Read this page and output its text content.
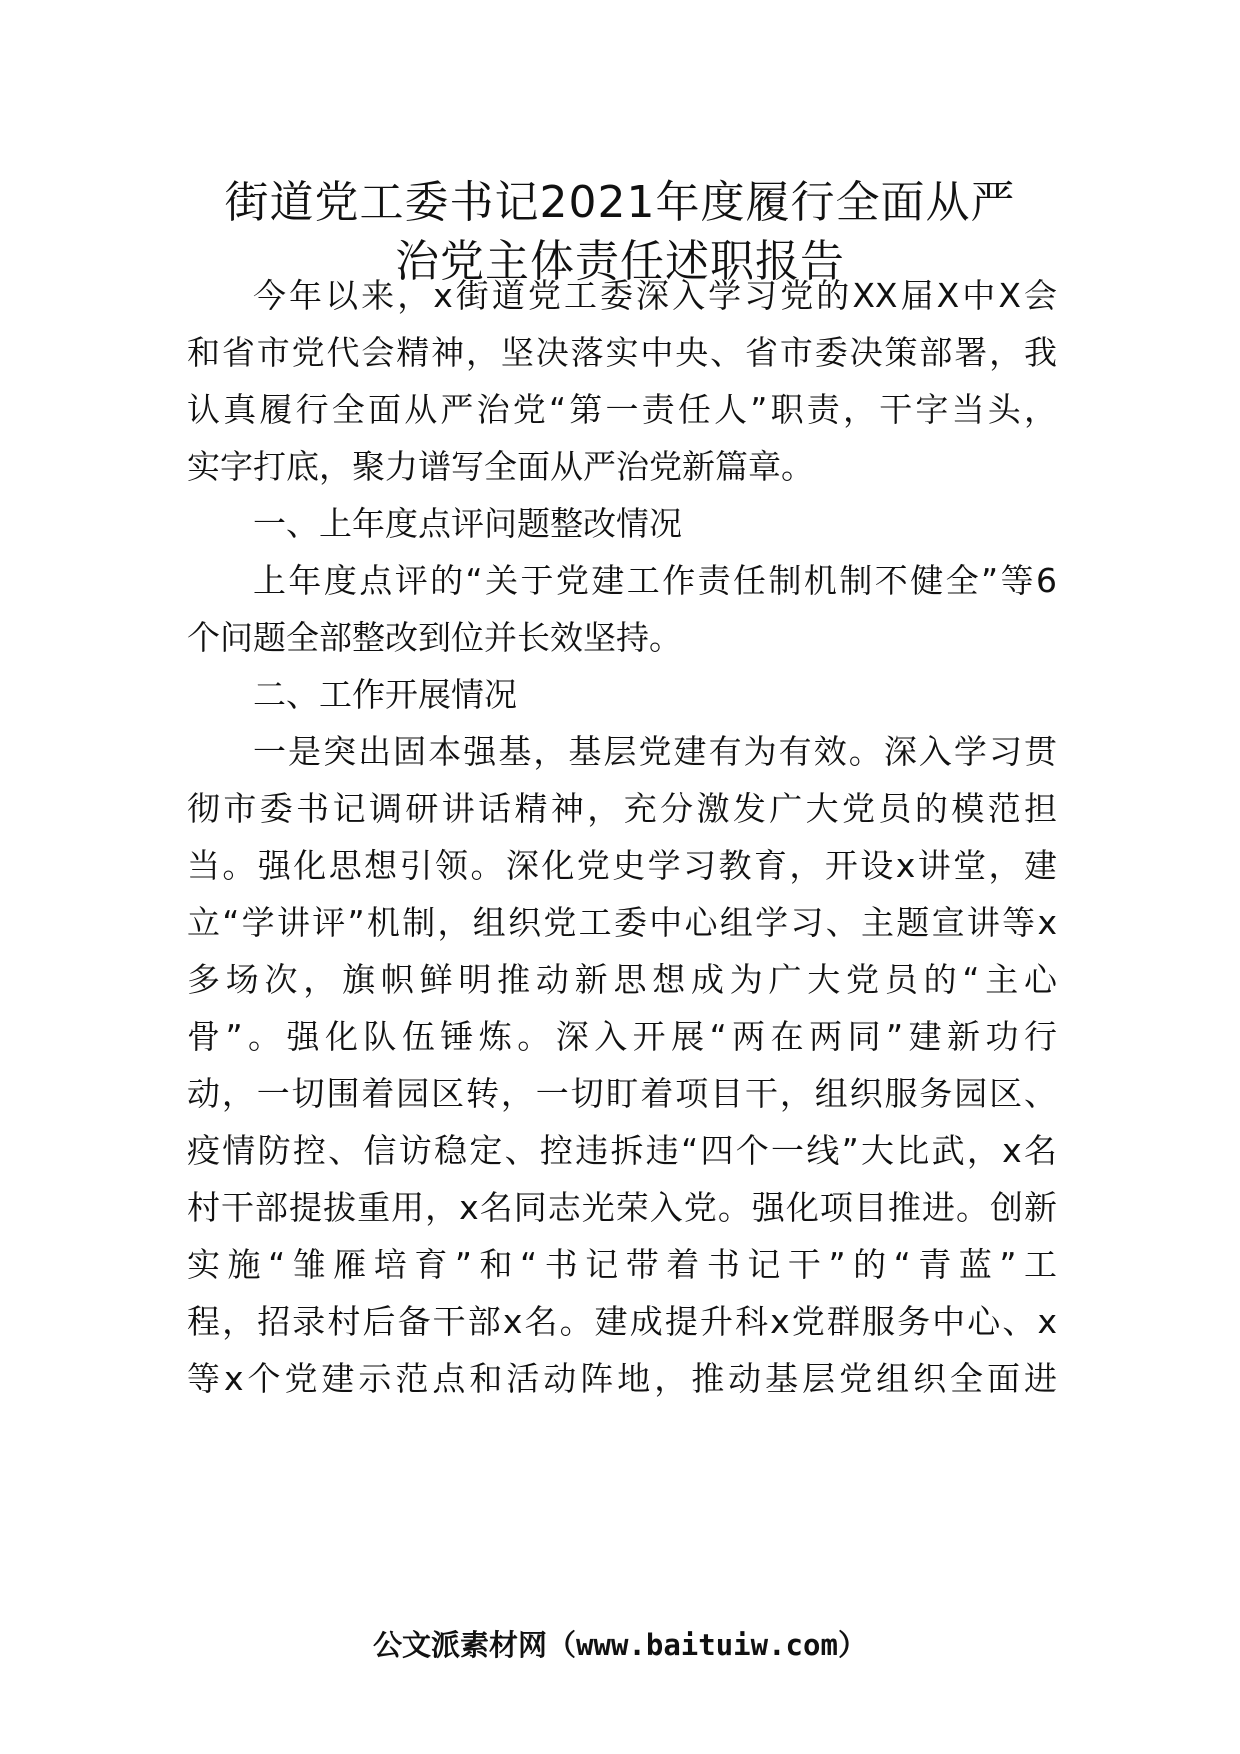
街道党工委书记2021年度履行全面从严
治党主体责任述职报告
今年以来，x街道党工委深入学习党的XX届X中X会
和省市党代会精神，坚决落实中央、省市委决策部署，我
认真履行全面从严治党“第一责任人”职责，干字当头，
实字打底，聚力谱写全面从严治党新篇章。
一、上年度点评问题整改情况
上年度点评的“关于党建工作责任制机制不健全”等6
个问题全部整改到位并长效坚持。
二、工作开展情况
一是突出固本强基，基层党建有为有效。深入学习贯
彻市委书记调研讲话精神，充分激发广大党员的模范担
当。强化思想引领。深化党史学习教育，开设x讲堂，建
立“学讲评”机制，组织党工委中心组学习、主题宣讲等x
多场次，旗帜鲜明推动新思想成为广大党员的“主心
骨”。强化队伍锤炼。深入开展“两在两同”建新功行
动，一切围着园区转，一切盯着项目干，组织服务园区、
疫情防控、信访稳定、控违拆违“四个一线”大比武，x名
村干部提拔重用，x名同志光荣入党。强化项目推进。创新
实施“雏雁培育”和“书记带着书记干”的“青蓝”工
程，招录村后备干部x名。建成提升科x党群服务中心、x
等x个党建示范点和活动阵地，推动基层党组织全面进
公文派素材网（www.baituiw.com）
